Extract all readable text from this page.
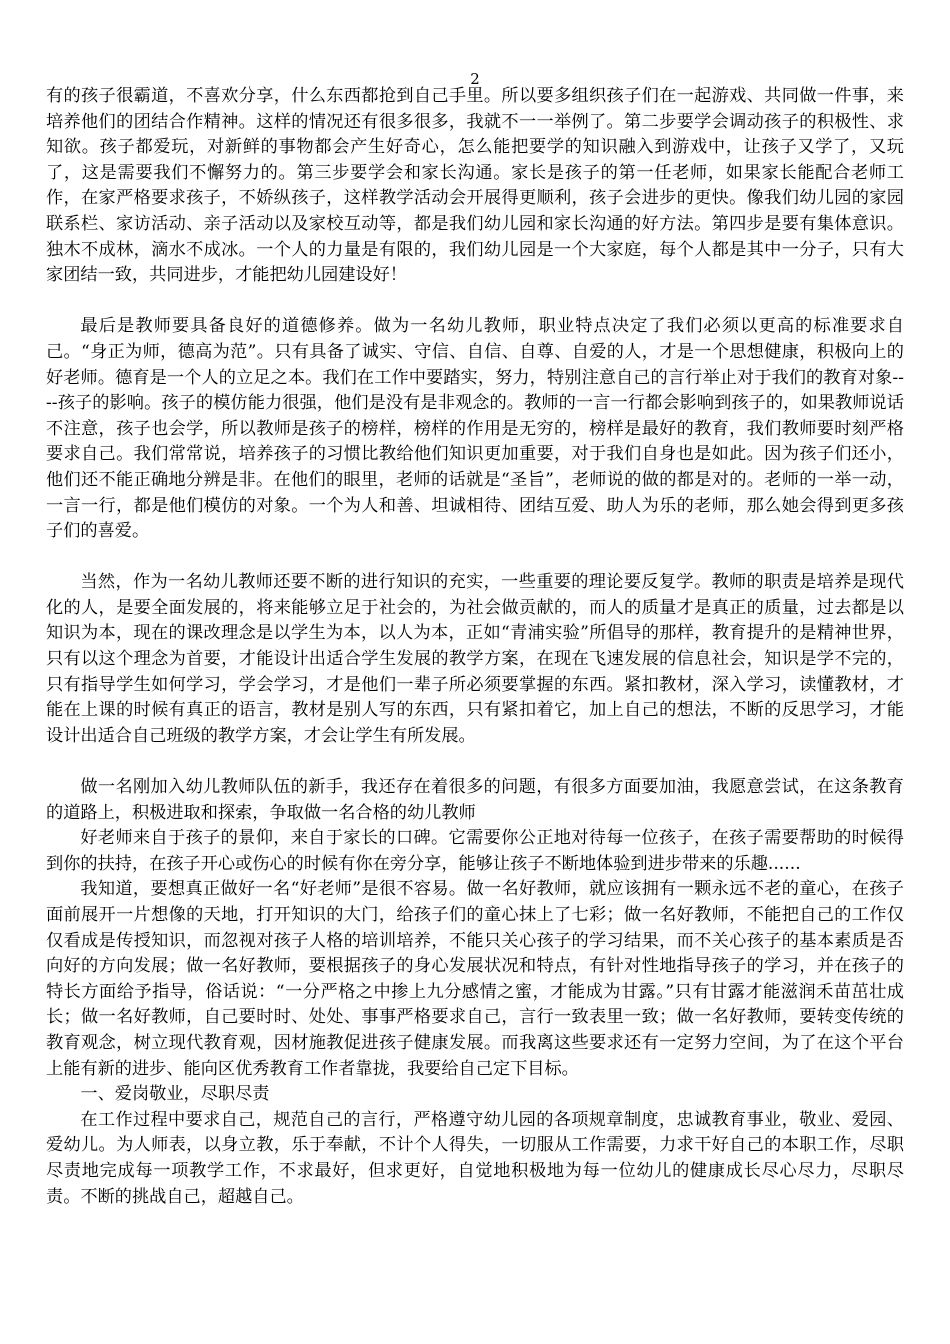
2

有的孩子很霸道，不喜欢分享，什么东西都抢到自己手里。所以要多组织孩子们在一起游戏、共同做一件事，来培养他们的团结合作精神。这样的情况还有很多很多，我就不一一举例了。第二步要学会调动孩子的积极性、求知欲。孩子都爱玩，对新鲜的事物都会产生好奇心，怎么能把要学的知识融入到游戏中，让孩子又学了，又玩了，这是需要我们不懈努力的。第三步要学会和家长沟通。家长是孩子的第一任老师，如果家长能配合老师工作，在家严格要求孩子，不娇纵孩子，这样教学活动会开展得更顺利，孩子会进步的更快。像我们幼儿园的家园联系栏、家访活动、亲子活动以及家校互动等，都是我们幼儿园和家长沟通的好方法。第四步是要有集体意识。独木不成林，滴水不成冰。一个人的力量是有限的，我们幼儿园是一个大家庭，每个人都是其中一分子，只有大家团结一致，共同进步，才能把幼儿园建设好！

最后是教师要具备良好的道德修养。做为一名幼儿教师，职业特点决定了我们必须以更高的标准要求自己。“身正为师，德高为范”。只有具备了诚实、守信、自信、自尊、自爱的人，才是一个思想健康，积极向上的好老师。德育是一个人的立足之本。我们在工作中要踏实，努力，特别注意自己的言行举止对于我们的教育对象----孩子的影响。孩子的模仿能力很强，他们是没有是非观念的。教师的一言一行都会影响到孩子的，如果教师说话不注意，孩子也会学，所以教师是孩子的榜样，榜样的作用是无穷的，榜样是最好的教育，我们教师要时刻严格要求自己。我们常常说，培养孩子的习惯比教给他们知识更加重要，对于我们自身也是如此。因为孩子们还小，他们还不能正确地分辨是非。在他们的眼里，老师的话就是“圣旨”，老师说的做的都是对的。老师的一举一动，一言一行，都是他们模仿的对象。一个为人和善、坦诚相待、团结互爱、助人为乐的老师，那么她会得到更多孩子们的喜爱。

当然，作为一名幼儿教师还要不断的进行知识的充实，一些重要的理论要反复学。教师的职责是培养是现代化的人，是要全面发展的，将来能够立足于社会的，为社会做贡献的，而人的质量才是真正的质量，过去都是以知识为本，现在的课改理念是以学生为本，以人为本，正如“青浦实验”所倡导的那样，教育提升的是精神世界，只有以这个理念为首要，才能设计出适合学生发展的教学方案，在现在飞速发展的信息社会，知识是学不完的，只有指导学生如何学习，学会学习，才是他们一辈子所必须要掌握的东西。紧扣教材，深入学习，读懂教材，才能在上课的时候有真正的语言，教材是别人写的东西，只有紧扣着它，加上自己的想法，不断的反思学习，才能设计出适合自己班级的教学方案，才会让学生有所发展。

做一名刚加入幼儿教师队伍的新手，我还存在着很多的问题，有很多方面要加油，我愿意尝试，在这条教育的道路上，积极进取和探索，争取做一名合格的幼儿教师

好老师来自于孩子的景仰，来自于家长的口碑。它需要你公正地对待每一位孩子，在孩子需要帮助的时候得到你的扶持，在孩子开心或伤心的时候有你在旁分享，能够让孩子不断地体验到进步带来的乐趣......

我知道，要想真正做好一名“好老师”是很不容易。做一名好教师，就应该拥有一颗永远不老的童心，在孩子面前展开一片想像的天地，打开知识的大门，给孩子们的童心抹上了七彩；做一名好教师，不能把自己的工作仅仅看成是传授知识，而忽视对孩子人格的培训培养，不能只关心孩子的学习结果，而不关心孩子的基本素质是否向好的方向发展；做一名好教师，要根据孩子的身心发展状况和特点，有针对性地指导孩子的学习，并在孩子的特长方面给予指导，俗话说：“一分严格之中掺上九分感情之蜜，才能成为甘露。”只有甘露才能滋润禾苗茁壮成长；做一名好教师，自己要时时、处处、事事严格要求自己，言行一致表里一致；做一名好教师，要转变传统的教育观念，树立现代教育观，因材施教促进孩子健康发展。而我离这些要求还有一定努力空间，为了在这个平台上能有新的进步、能向区优秀教育工作者靠拢，我要给自己定下目标。

一、爱岗敬业，尽职尽责

在工作过程中要求自己，规范自己的言行，严格遵守幼儿园的各项规章制度，忠诚教育事业，敬业、爱园、爱幼儿。为人师表，以身立教，乐于奉献，不计个人得失，一切服从工作需要，力求干好自己的本职工作，尽职尽责地完成每一项教学工作，不求最好，但求更好，自觉地积极地为每一位幼儿的健康成长尽心尽力，尽职尽责。不断的挑战自己，超越自己。
